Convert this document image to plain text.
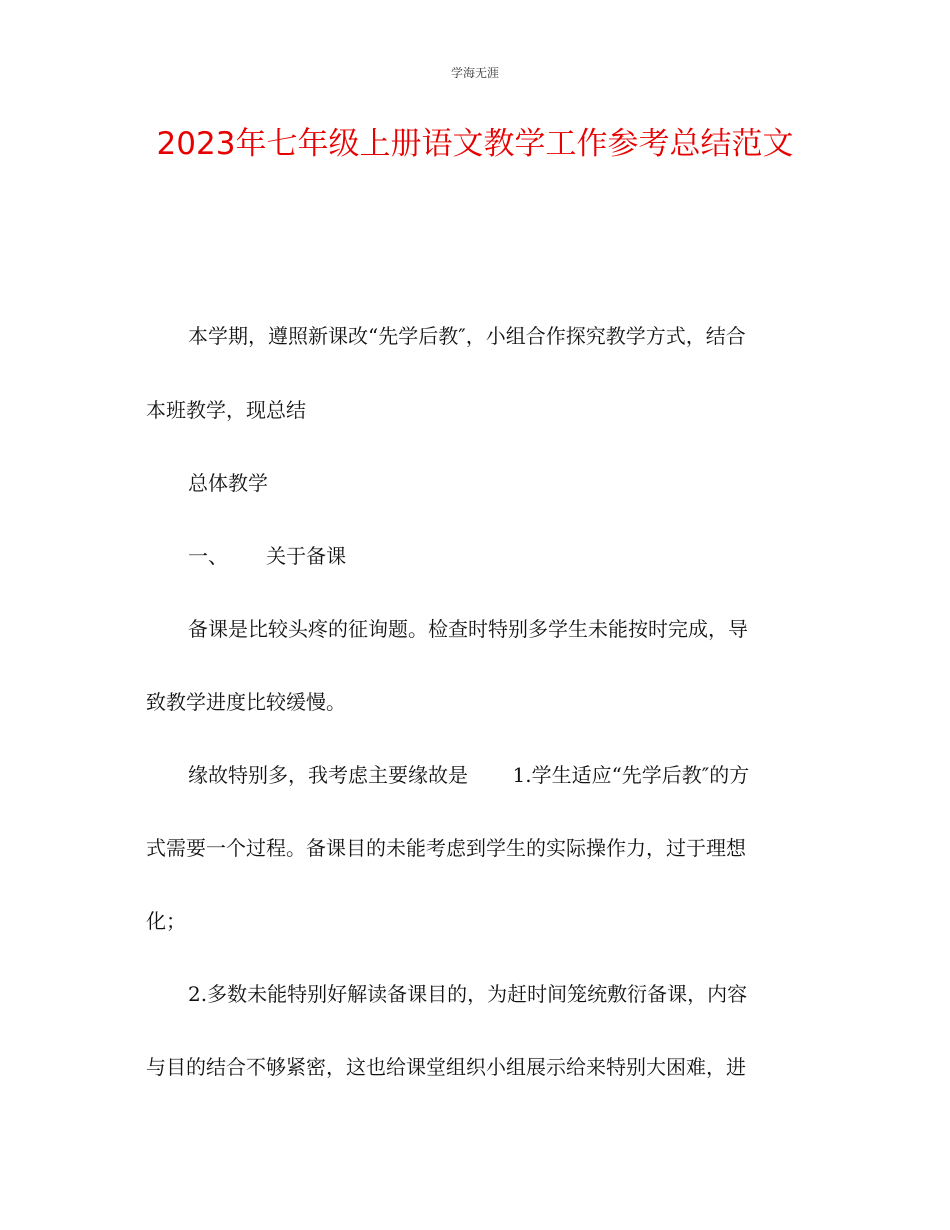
学海无涯
2023年七年级上册语文教学工作参考总结范文
本学期，遵照新课改“先学后教″，小组合作探究教学方式，结合
本班教学，现总结
总体教学
一、      关于备课
备课是比较头疼的征询题。检查时特别多学生未能按时完成，导
致教学进度比较缓慢。
缘故特别多，我考虑主要缘故是       1.学生适应“先学后教″的方
式需要一个过程。备课目的未能考虑到学生的实际操作力，过于理想
化；
2.多数未能特别好解读备课目的，为赶时间笼统敷衍备课，内容
与目的结合不够紧密，这也给课堂组织小组展示给来特别大困难，进
